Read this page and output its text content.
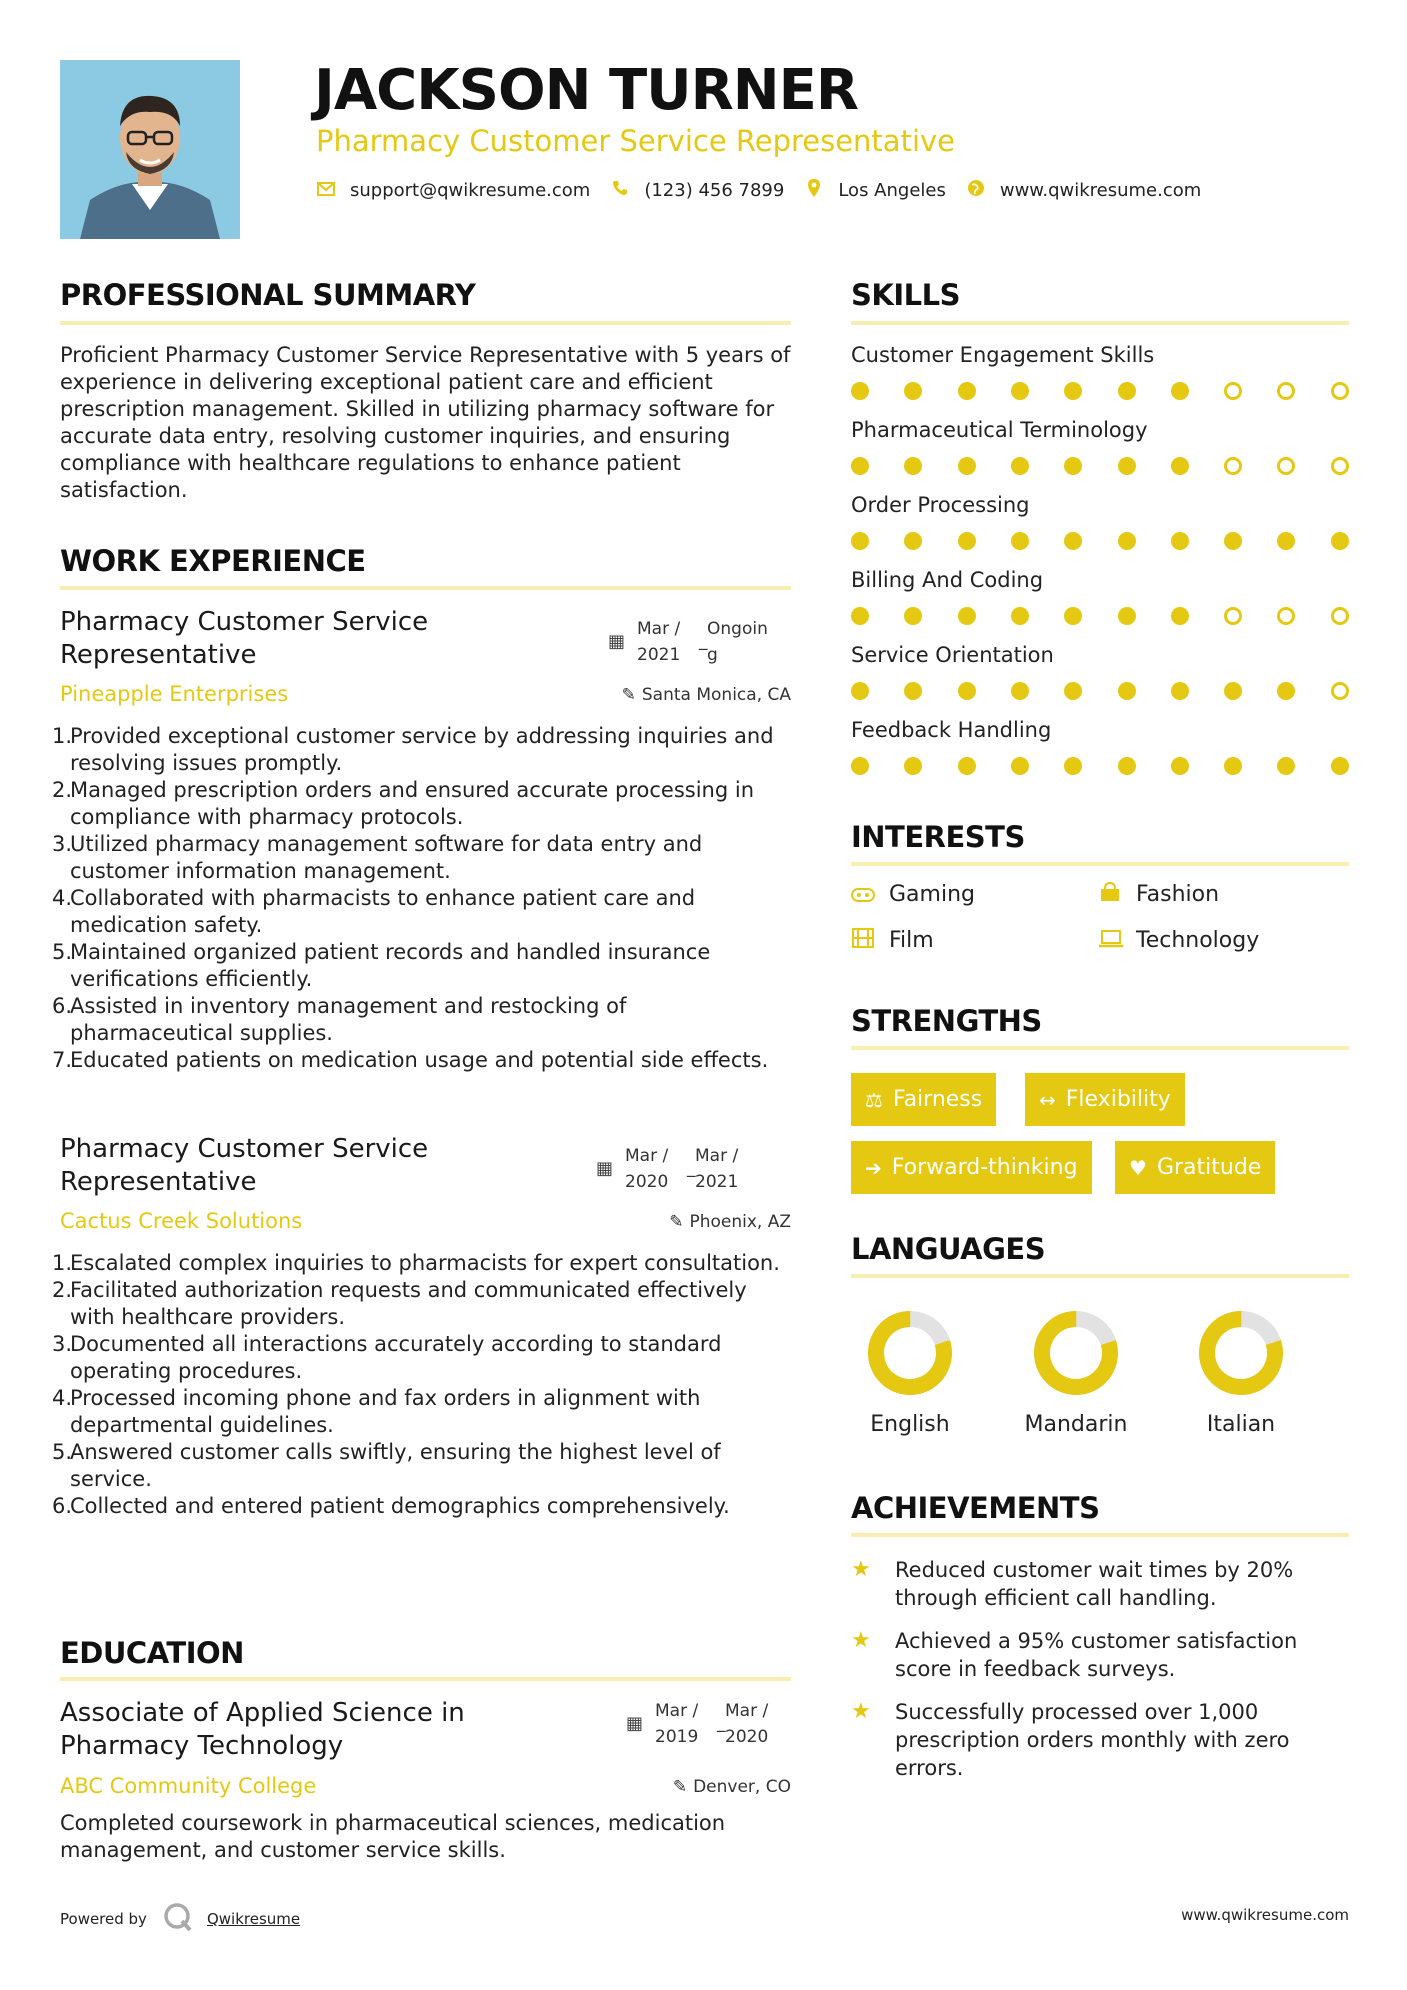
JACKSON TURNER
Pharmacy Customer Service Representative
support@qwikresume.com	(123) 456 7899	Los Angeles	www.qwikresume.com
PROFESSIONAL SUMMARY
Proficient Pharmacy Customer Service Representative with 5 years of experience in delivering exceptional patient care and efficient prescription management. Skilled in utilizing pharmacy software for accurate data entry, resolving customer inquiries, and ensuring compliance with healthcare regulations to enhance patient satisfaction.
WORK EXPERIENCE
Pharmacy Customer Service Representative	▦
Mar / 2021
_
Ongoin g
Pineapple Enterprises	✎ Santa Monica, CA
1.
Provided exceptional customer service by addressing inquiries and resolving issues promptly.
2.
Managed prescription orders and ensured accurate processing in compliance with pharmacy protocols.
3.
Utilized pharmacy management software for data entry and customer information management.
4.
Collaborated with pharmacists to enhance patient care and medication safety.
5.
Maintained organized patient records and handled insurance verifications efficiently.
6.
Assisted in inventory management and restocking of pharmaceutical supplies.
7.
Educated patients on medication usage and potential side effects.
Pharmacy Customer Service Representative	▦
Mar / 2020
_
Mar / 2021
Cactus Creek Solutions	✎ Phoenix, AZ
1.
Escalated complex inquiries to pharmacists for expert consultation.
2.
Facilitated authorization requests and communicated effectively with healthcare providers.
3.
Documented all interactions accurately according to standard operating procedures.
4.
Processed incoming phone and fax orders in alignment with departmental guidelines.
5.
Answered customer calls swiftly, ensuring the highest level of service.
6.
Collected and entered patient demographics comprehensively.
EDUCATION
Associate of Applied Science in Pharmacy Technology
▦
Mar / 2019
_
Mar / 2020
ABC Community College	✎ Denver, CO
Completed coursework in pharmaceutical sciences, medication management, and customer service skills.
SKILLS
Customer Engagement Skills
Pharmaceutical Terminology
Order Processing
Billing And Coding
Service Orientation
Feedback Handling
INTERESTS
Gaming	Fashion
Film	Technology
STRENGTHS
⚖ Fairness	↔ Flexibility
➔ Forward-thinking	♥ Gratitude
LANGUAGES
English	Mandarin	Italian
ACHIEVEMENTS
★	Reduced customer wait times by 20% through efficient call handling.
★	Achieved a 95% customer satisfaction score in feedback surveys.
★	Successfully processed over 1,000 prescription orders monthly with zero errors.
Powered by	Qwikresume	www.qwikresume.com
